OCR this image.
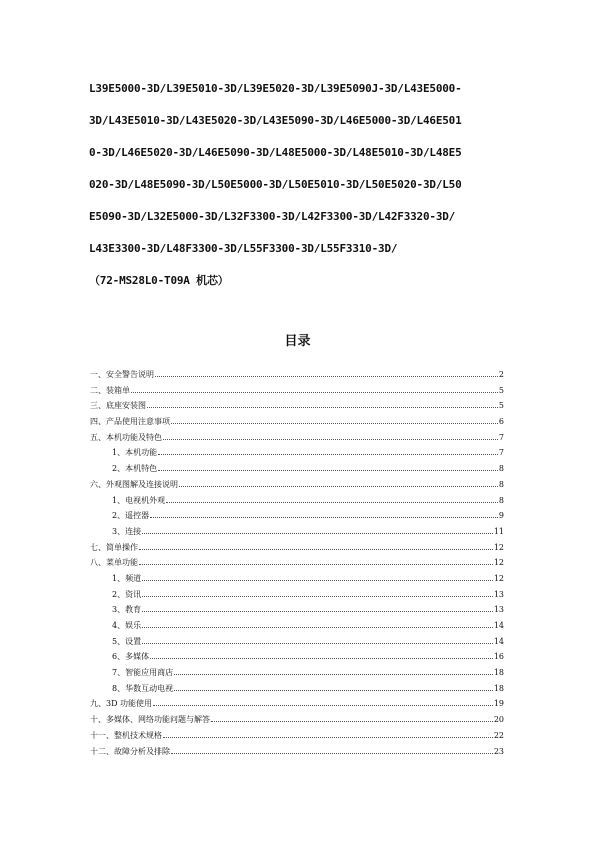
L39E5000-3D/L39E5010-3D/L39E5020-3D/L39E5090J-3D/L43E5000-
3D/L43E5010-3D/L43E5020-3D/L43E5090-3D/L46E5000-3D/L46E501
0-3D/L46E5020-3D/L46E5090-3D/L48E5000-3D/L48E5010-3D/L48E5
020-3D/L48E5090-3D/L50E5000-3D/L50E5010-3D/L50E5020-3D/L50
E5090-3D/L32E5000-3D/L32F3300-3D/L42F3300-3D/L42F3320-3D/
L43E3300-3D/L48F3300-3D/L55F3300-3D/L55F3310-3D/
（72-MS28L0-T09A 机芯）
目录
一、安全警告说明	2
二、装箱单	5
三、底座安装图	5
四、产品使用注意事项	6
五、本机功能及特色	7
1、本机功能	7
2、本机特色	8
六、外观图解及连接说明	8
1、电视机外观	8
2、遥控器	9
3、连接	11
七、简单操作	12
八、菜单功能	12
1、频道	12
2、资讯	13
3、教育	13
4、娱乐	14
5、设置	14
6、多媒体	16
7、智能应用商店	18
8、华数互动电视	18
九、3D 功能使用	19
十、多媒体、网络功能问题与解答	20
十一、整机技术规格	22
十二、故障分析及排除	23
